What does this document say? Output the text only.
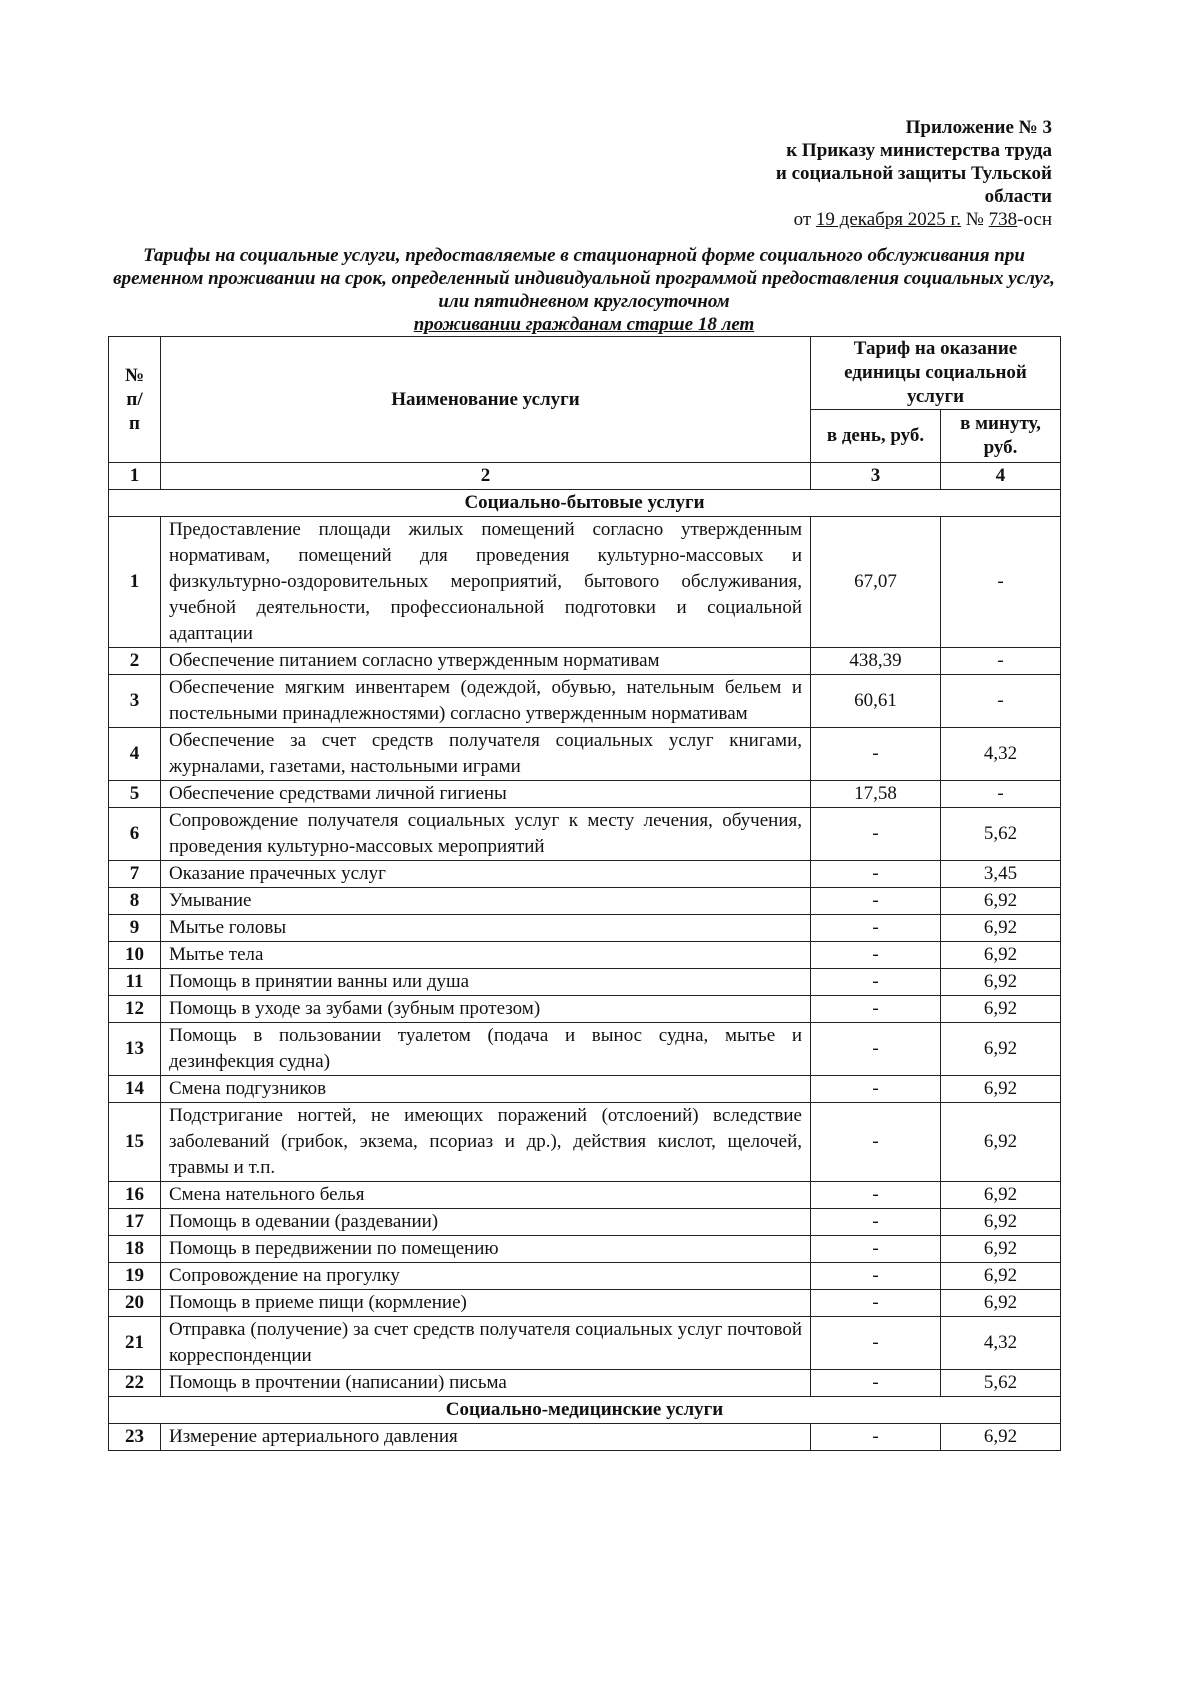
Приложение № 3
к Приказу министерства труда
и социальной защиты Тульской
области
от 19 декабря 2025 г. № 738-осн
Тарифы на социальные услуги, предоставляемые в стационарной форме социального обслуживания при временном проживании на срок, определенный индивидуальной программой предоставления социальных услуг, или пятидневном круглосуточном
проживании гражданам старше 18 лет
№ п/п	Наименование услуги	Тариф на оказание единицы социальной услуги	
		в день, руб.	в минуту, руб.
1	2	3	4
Социально-бытовые услуги			
1	Предоставление площади жилых помещений согласно утвержденным нормативам, помещений для проведения культурно-массовых и физкультурно-оздоровительных мероприятий, бытового обслуживания, учебной деятельности, профессиональной подготовки и социальной адаптации	67,07	-
2	Обеспечение питанием согласно утвержденным нормативам	438,39	-
3	Обеспечение мягким инвентарем (одеждой, обувью, нательным бельем и постельными принадлежностями) согласно утвержденным нормативам	60,61	-
4	Обеспечение за счет средств получателя социальных услуг книгами, журналами, газетами, настольными играми	-	4,32
5	Обеспечение средствами личной гигиены	17,58	-
6	Сопровождение получателя социальных услуг к месту лечения, обучения, проведения культурно-массовых мероприятий	-	5,62
7	Оказание прачечных услуг	-	3,45
8	Умывание	-	6,92
9	Мытье головы	-	6,92
10	Мытье тела	-	6,92
11	Помощь в принятии ванны или душа	-	6,92
12	Помощь в уходе за зубами (зубным протезом)	-	6,92
13	Помощь в пользовании туалетом (подача и вынос судна, мытье и дезинфекция судна)	-	6,92
14	Смена подгузников	-	6,92
15	Подстригание ногтей, не имеющих поражений (отслоений) вследствие заболеваний (грибок, экзема, псориаз и др.), действия кислот, щелочей, травмы и т.п.	-	6,92
16	Смена нательного белья	-	6,92
17	Помощь в одевании (раздевании)	-	6,92
18	Помощь в передвижении по помещению	-	6,92
19	Сопровождение на прогулку	-	6,92
20	Помощь в приеме пищи (кормление)	-	6,92
21	Отправка (получение) за счет средств получателя социальных услуг почтовой корреспонденции	-	4,32
22	Помощь в прочтении (написании) письма	-	5,62
Социально-медицинские услуги			
23	Измерение артериального давления	-	6,92
